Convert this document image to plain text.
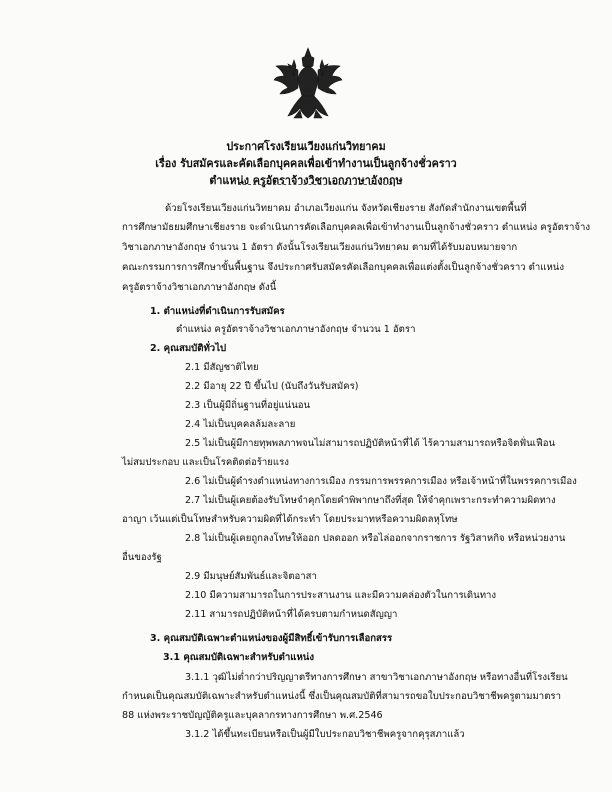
ประกาศโรงเรียนเวียงแก่นวิทยาคม
เรื่อง รับสมัครและคัดเลือกบุคคลเพื่อเข้าทำงานเป็นลูกจ้างชั่วคราว
ตำแหน่ง ครูอัตราจ้างวิชาเอกภาษาอังกฤษ
ด้วยโรงเรียนเวียงแก่นวิทยาคม อำเภอเวียงแก่น จังหวัดเชียงราย สังกัดสำนักงานเขตพื้นที่
การศึกษามัธยมศึกษาเชียงราย จะดำเนินการคัดเลือกบุคคลเพื่อเข้าทำงานเป็นลูกจ้างชั่วคราว ตำแหน่ง ครูอัตราจ้าง
วิชาเอกภาษาอังกฤษ จำนวน 1 อัตรา ดังนั้นโรงเรียนเวียงแก่นวิทยาคม ตามที่ได้รับมอบหมายจาก
คณะกรรมการการศึกษาขั้นพื้นฐาน จึงประกาศรับสมัครคัดเลือกบุคคลเพื่อแต่งตั้งเป็นลูกจ้างชั่วคราว ตำแหน่ง
ครูอัตราจ้างวิชาเอกภาษาอังกฤษ ดังนี้
1. ตำแหน่งที่ดำเนินการรับสมัคร
ตำแหน่ง ครูอัตราจ้างวิชาเอกภาษาอังกฤษ จำนวน 1 อัตรา
2. คุณสมบัติทั่วไป
2.1 มีสัญชาติไทย
2.2 มีอายุ 22 ปี ขึ้นไป (นับถึงวันรับสมัคร)
2.3 เป็นผู้มีถิ่นฐานที่อยู่แน่นอน
2.4 ไม่เป็นบุคคลล้มละลาย
2.5 ไม่เป็นผู้มีกายทุพพลภาพจนไม่สามารถปฏิบัติหน้าที่ได้ ไร้ความสามารถหรือจิตฟั่นเฟือน
ไม่สมประกอบ และเป็นโรคติดต่อร้ายแรง
2.6 ไม่เป็นผู้ดำรงตำแหน่งทางการเมือง กรรมการพรรคการเมือง หรือเจ้าหน้าที่ในพรรคการเมือง
2.7 ไม่เป็นผู้เคยต้องรับโทษจำคุกโดยคำพิพากษาถึงที่สุด ให้จำคุกเพราะกระทำความผิดทาง
อาญา เว้นแต่เป็นโทษสำหรับความผิดที่ได้กระทำ โดยประมาทหรือความผิดลหุโทษ
2.8 ไม่เป็นผู้เคยถูกลงโทษให้ออก ปลดออก หรือไล่ออกจากราชการ รัฐวิสาหกิจ หรือหน่วยงาน
อื่นของรัฐ
2.9 มีมนุษย์สัมพันธ์และจิตอาสา
2.10 มีความสามารถในการประสานงาน และมีความคล่องตัวในการเดินทาง
2.11 สามารถปฏิบัติหน้าที่ได้ครบตามกำหนดสัญญา
3. คุณสมบัติเฉพาะตำแหน่งของผู้มีสิทธิ์เข้ารับการเลือกสรร
3.1 คุณสมบัติเฉพาะสำหรับตำแหน่ง
3.1.1 วุฒิไม่ต่ำกว่าปริญญาตรีทางการศึกษา สาขาวิชาเอกภาษาอังกฤษ หรือทางอื่นที่โรงเรียน
กำหนดเป็นคุณสมบัติเฉพาะสำหรับตำแหน่งนี้ ซึ่งเป็นคุณสมบัติที่สามารถขอใบประกอบวิชาชีพครูตามมาตรา
88 แห่งพระราชบัญญัติครูและบุคลากรทางการศึกษา พ.ศ.2546
3.1.2 ได้ขึ้นทะเบียนหรือเป็นผู้มีใบประกอบวิชาชีพครูจากคุรุสภาแล้ว
